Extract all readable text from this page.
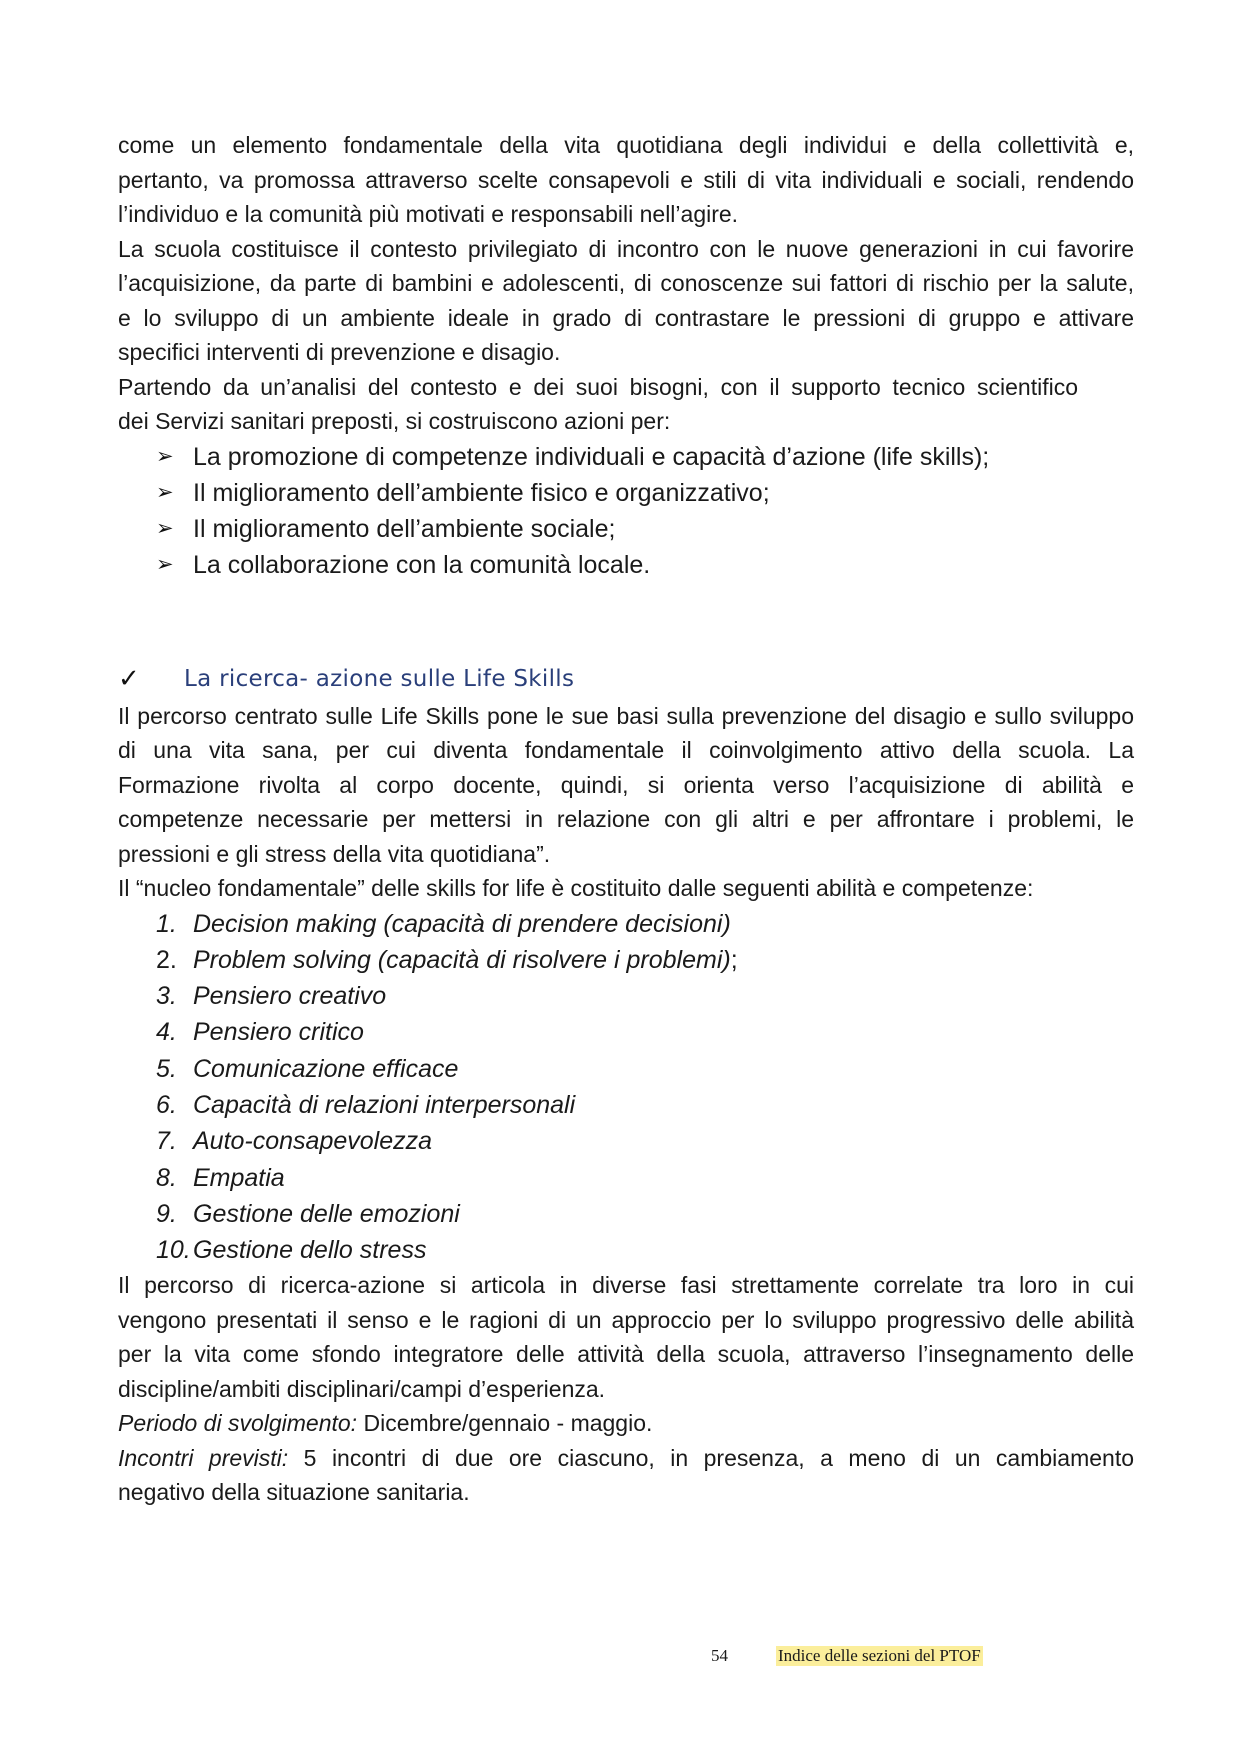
come un elemento fondamentale della vita quotidiana degli individui e della collettività e,

pertanto, va promossa attraverso scelte consapevoli e stili di vita individuali e sociali, rendendo

l’individuo e la comunità più motivati e responsabili nell’agire.

La scuola costituisce il contesto privilegiato di incontro con le nuove generazioni in cui favorire

l’acquisizione, da parte di bambini e adolescenti, di conoscenze sui fattori di rischio per la salute,

e lo sviluppo di un ambiente ideale in grado di contrastare le pressioni di gruppo e attivare

specifici interventi di prevenzione e disagio.

Partendo da un’analisi del contesto e dei suoi bisogni, con il supporto tecnico scientifico

dei Servizi sanitari preposti, si costruiscono azioni per:

➢ La promozione di competenze individuali e capacità d’azione (life skills);
➢ Il miglioramento dell’ambiente fisico e organizzativo;
➢ Il miglioramento dell’ambiente sociale;
➢ La collaborazione con la comunità locale.
✓	La ricerca- azione sulle Life Skills

Il percorso centrato sulle Life Skills pone le sue basi sulla prevenzione del disagio e sullo sviluppo

di una vita sana, per cui diventa fondamentale il coinvolgimento attivo della scuola. La

Formazione rivolta al corpo docente, quindi, si orienta verso l’acquisizione di abilità e

competenze necessarie per mettersi in relazione con gli altri e per affrontare i problemi, le

pressioni e gli stress della vita quotidiana”.

Il “nucleo fondamentale” delle skills for life è costituito dalle seguenti abilità e competenze:

1. Decision making (capacità di prendere decisioni)
2. Problem solving (capacità di risolvere i problemi) ;
3. Pensiero creativo
4. Pensiero critico
5. Comunicazione efficace
6. Capacità di relazioni interpersonali
7. Auto-consapevolezza
8. Empatia
9. Gestione delle emozioni
10. Gestione dello stress

Il percorso di ricerca-azione si articola in diverse fasi strettamente correlate tra loro in cui

vengono presentati il senso e le ragioni di un approccio per lo sviluppo progressivo delle abilità

per la vita come sfondo integratore delle attività della scuola, attraverso l’insegnamento delle

discipline/ambiti disciplinari/campi d’esperienza.

Periodo di svolgimento: Dicembre/gennaio - maggio.

Incontri previsti: 5 incontri di due ore ciascuno, in presenza, a meno di un cambiamento

negativo della situazione sanitaria.

54	Indice delle sezioni del PTOF
